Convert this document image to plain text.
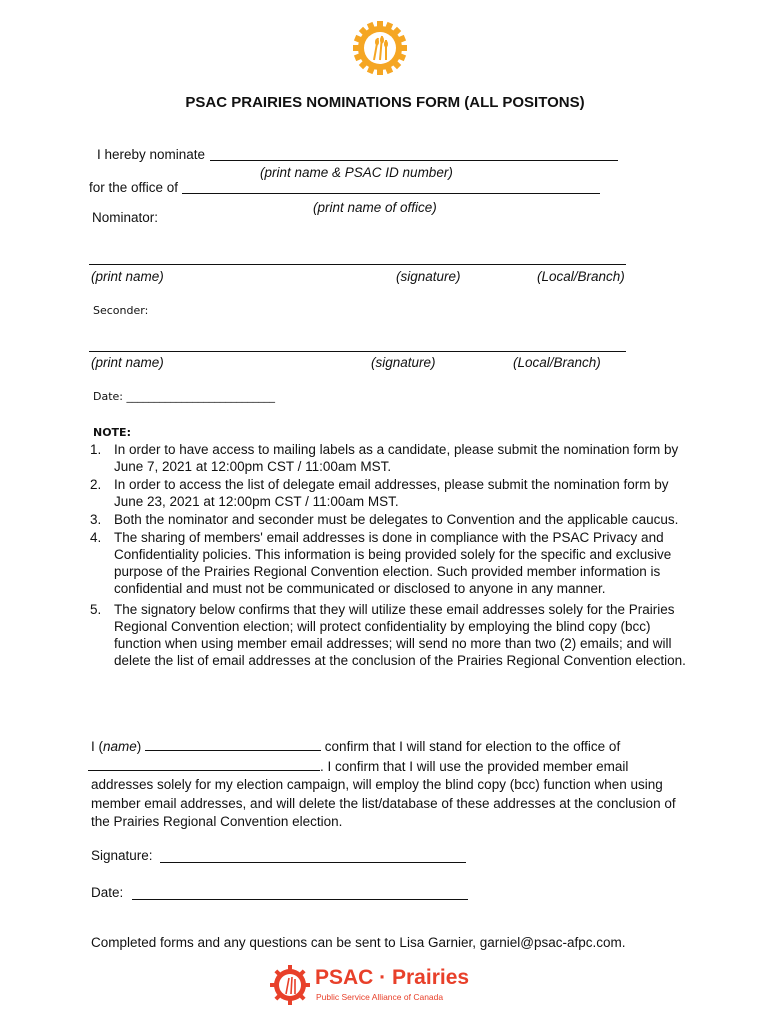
PSAC PRAIRIES NOMINATIONS FORM (ALL POSITONS)
I hereby nominate
(print name & PSAC ID number)
for the office of
(print name of office)
Nominator:
(print name)	(signature)	(Local/Branch)
Seconder:
(print name)	(signature)	(Local/Branch)
Date: ___________________________
NOTE:
1. In order to have access to mailing labels as a candidate, please submit the nomination form by June 7, 2021 at 12:00pm CST / 11:00am MST.
2. In order to access the list of delegate email addresses, please submit the nomination form by June 23, 2021 at 12:00pm CST / 11:00am MST.
3. Both the nominator and seconder must be delegates to Convention and the applicable caucus.
4. The sharing of members' email addresses is done in compliance with the PSAC Privacy and Confidentiality policies. This information is being provided solely for the specific and exclusive purpose of the Prairies Regional Convention election. Such provided member information is confidential and must not be communicated or disclosed to anyone in any manner.
5. The signatory below confirms that they will utilize these email addresses solely for the Prairies Regional Convention election; will protect confidentiality by employing the blind copy (bcc) function when using member email addresses; will send no more than two (2) emails; and will delete the list of email addresses at the conclusion of the Prairies Regional Convention election.
I (name)	confirm that I will stand for election to the office of
. I confirm that I will use the provided member email addresses solely for my election campaign, will employ the blind copy (bcc) function when using member email addresses, and will delete the list/database of these addresses at the conclusion of the Prairies Regional Convention election.
Signature:
Date:
Completed forms and any questions can be sent to Lisa Garnier, garniel@psac-afpc.com.
PSAC · Prairies
Public Service Alliance of Canada
